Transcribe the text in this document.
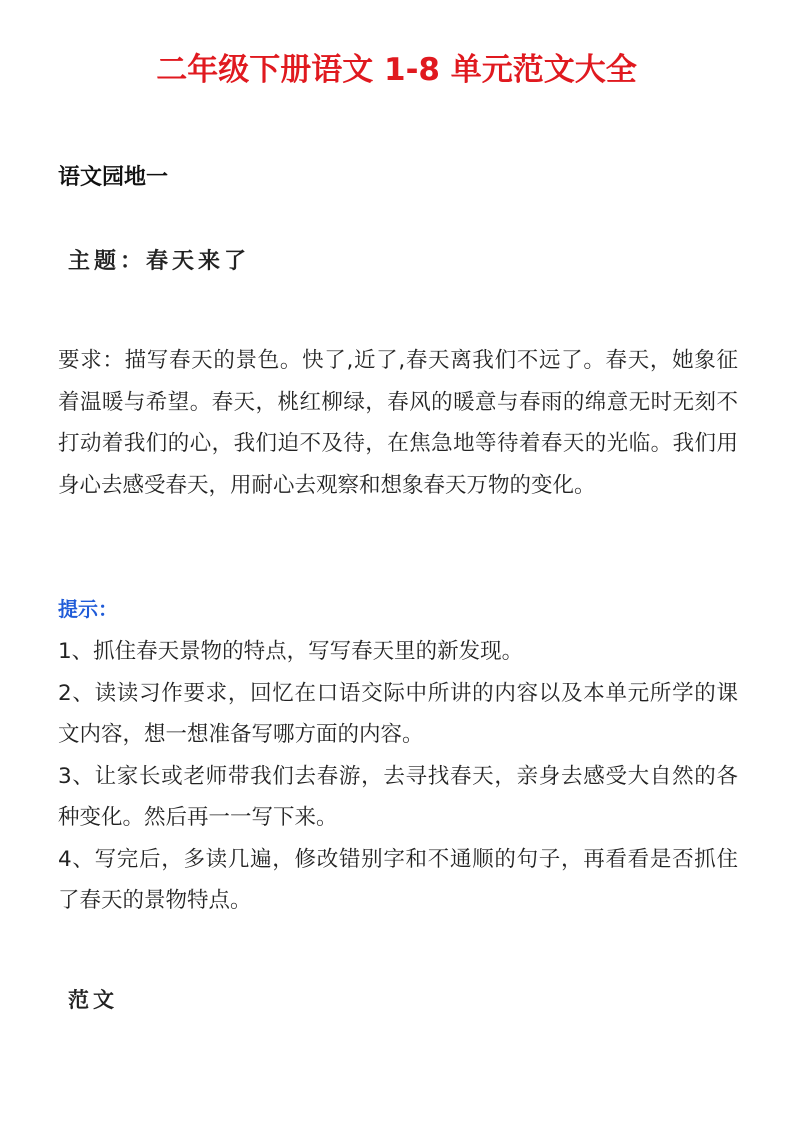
二年级下册语文 1-8 单元范文大全
语文园地一
主题：春天来了
要求：描写春天的景色。快了,近了,春天离我们不远了。春天，她象征着温暖与希望。春天，桃红柳绿，春风的暖意与春雨的绵意无时无刻不打动着我们的心，我们迫不及待，在焦急地等待着春天的光临。我们用身心去感受春天，用耐心去观察和想象春天万物的变化。
提示：
1、抓住春天景物的特点，写写春天里的新发现。
2、读读习作要求，回忆在口语交际中所讲的内容以及本单元所学的课文内容，想一想准备写哪方面的内容。
3、让家长或老师带我们去春游，去寻找春天，亲身去感受大自然的各种变化。然后再一一写下来。
4、写完后，多读几遍，修改错别字和不通顺的句子，再看看是否抓住了春天的景物特点。
范文
